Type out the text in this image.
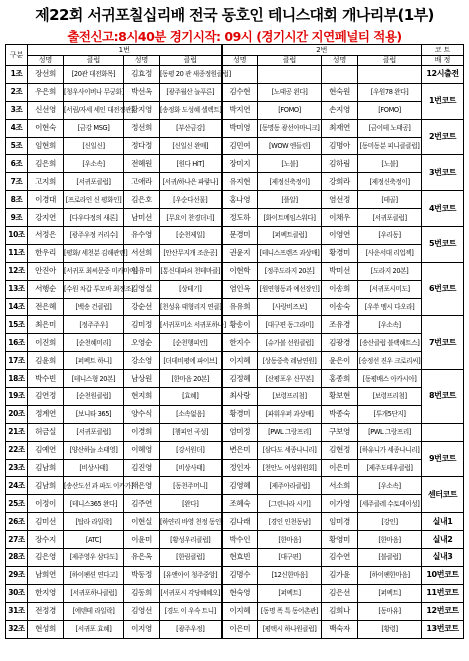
제22회 서귀포칠십리배 전국 동호인 테니스대회 개나리부(1부)
출전신고:8시40분 경기시작: 09시 (경기시간 지연페널티 적용)
구분	1번				2번				코 트
	성명	클럽	성명	클럽	성명	클럽	성명	클럽	배 정
1조	장선희	[20관 대전화목]	김효정	[동평 20 관 새종정원클럽]					12시출전
2조	우은희	[청우사이버나 무궁화]	박선옥	[광주월산 늘푸른]	김수현	[노태공 왼다]	현숙원	[우원78 완다]	1번코트
3조	신선영	[서림/자세 세인 대전정관]	황지영	[송정화 도성혜 셀렉트]	박지연	[FOMO]	손지영	[FOMO]	
4조	이현숙	[금강 MSG]	정선희	[부산금강]	박미영	[동명동 광선아마니크]	최재연	[금이테 노태공]	2번코트
5조	임현희	[신일신]	정다정	[신일신 완매]	김민여	[WOW 엔들린]	김명아	[동미동분 피니클클럽]	
6조	김은희	[우소속]	전혜원	[원다 HiT]	장미지	[노블]	김하림	[노블]	3번코트
7조	고지희	[서귀포클럽]	고애라	[서귀/하나은 파랗나]	유지현	[제정신축정이]	강희라	[제정신축정이]	
8조	이경대	[프로라인 신 평화인]	김은호	[우순다선물]	홍나영	[플알]	염선정	[테골]	4번코트
9조	강지연	[다우다정의 새론]	남미선	[무요이 찬경더너]	정도하	[화이트메임스워다]	이채우	[서귀포클럽]	
10조	서정은	[광주우정 커리수]	유수영	[순천제일]	문경미	[퍼펙트클럽]	이영연	[우리동]	5번코트
11조	한우리	[평화/ 세천분 김해관련]	서선희	[안산무지개 조운공]	권윤지	[테니스프렌즈 과상매]	황경미	[사운서대 리업젝]	
12조	안진아	[서귀포 최씨문중 미카미아]	임유미	[통신대파쇠 천테마클]	이현학	[정주도라지 20본]	박미선	[도라지 20본]	6번코트
13조	서행순	[수원 차갑 투모바 최정조]	김영실	[상테기]	염인옥	[원연형동과 예선장인]	이송희	[서귀포시미도]	
14조	전은혜	[백송 건클럽]	강순선	[천성유 태형리지 연클]	유유희	[사랑비즈보]	이송숙	[우쑤 멤시 다오라]	
15조	최은미	[정주주우]	김미정	[서귀포미소 서귀포하나]	황송이	[대구편 동그라미]	조유경	[우소속]	7번코트
16조	이진희	[순천혜미리]	오영순	[순천행피언]	한지수	[슈가볼 선원클럽]	김광경	[송산클럽 블랙해트스]	
17조	김윤희	[퍼펙트 하니]	강소영	[더데비평에 파이브]	이지혜	[상동중축 레남연원]	윤은이	[승정선 진우 크로리씨]	
18조	박수빈	[테니스형 20본]	남상원	[한마음 20본]	김정혜	[산평포우 신꾸본]	홍종희	[동평배스 아카시아]	8번코트
19조	김연정	[순천원클럽]	현지희	[효혜]	최사랑	[보령프리첨]	황보현	[보령프리첨]	
20조	정계연	[보니타 365]	양수식	[소속없음]	황경미	[파워우퍼 과상매]	박종숙	[투개5단지]	
21조	허금실	[서귀포클럽]	이경희	[챔피언 곡성]	엄미정	[PWL 그랑프리]	구보영	[PWL 그랑프리]	
22조	김예연	[양산하늘 소태영]	이혜영	[강서원더]	변은미	[삼다도 세종나니리]	김현정	[하유니가 세종나니리]	9번코트
23조	김남희	[비상사태]	김진영	[비상사태]	정인자	[천안노 여성위원회]	이은미	[제주도테우클럽]	
24조	김남희	[송산도선 과 파도 이카가]	채은영	[동천주머니]	김영혜	[제주아라클럽]	서소희	[우소속]	센터코트
25조	이정이	[테니스365 완다]	김주연	[완다]	조혜숙	[그린나라 시키]	이가영	[세주클레 수토데이성]	
26조	김미선	[탑라 라일락]	이현실	[하얀리 바영 천정 동인]	김나래	[경인 인천동남]	임미경	[강인]	실내1
27조	장수지	[ATC]	이윤미	[황성우리클럽]	박수인	[한마음]	황영미	[한마음]	실내2
28조	김은영	[제주영우 삼다도]	유은옥	[한림클럽]	현효빈	[대구편]	김수연	[블클럽]	실내3
29조	남희연	[하이팬션 연다고]	박동정	[유앤아이 청주중앙]	김명수	[12신한마음]	김가윤	[하이팬한마음]	10번코트
30조	한지영	[서귀포하나클럽]	김동희	[서귀포시 각당혜혜오]	현숙영	[퍼펙트]	김은선	[퍼펙트]	11번코트
31조	전정경	[에덴테 라일락]	김영선	[경도 이 우슥 트니]	이지혜	[동명 폭 특 동어촌관]	김희나	[동마유]	12번코트
32조	현성희	[서귀포 효혜]	이지영	[광주우정]	이은미	[평택시 하나원클럽]	백숙자	[황령]	13번코트
